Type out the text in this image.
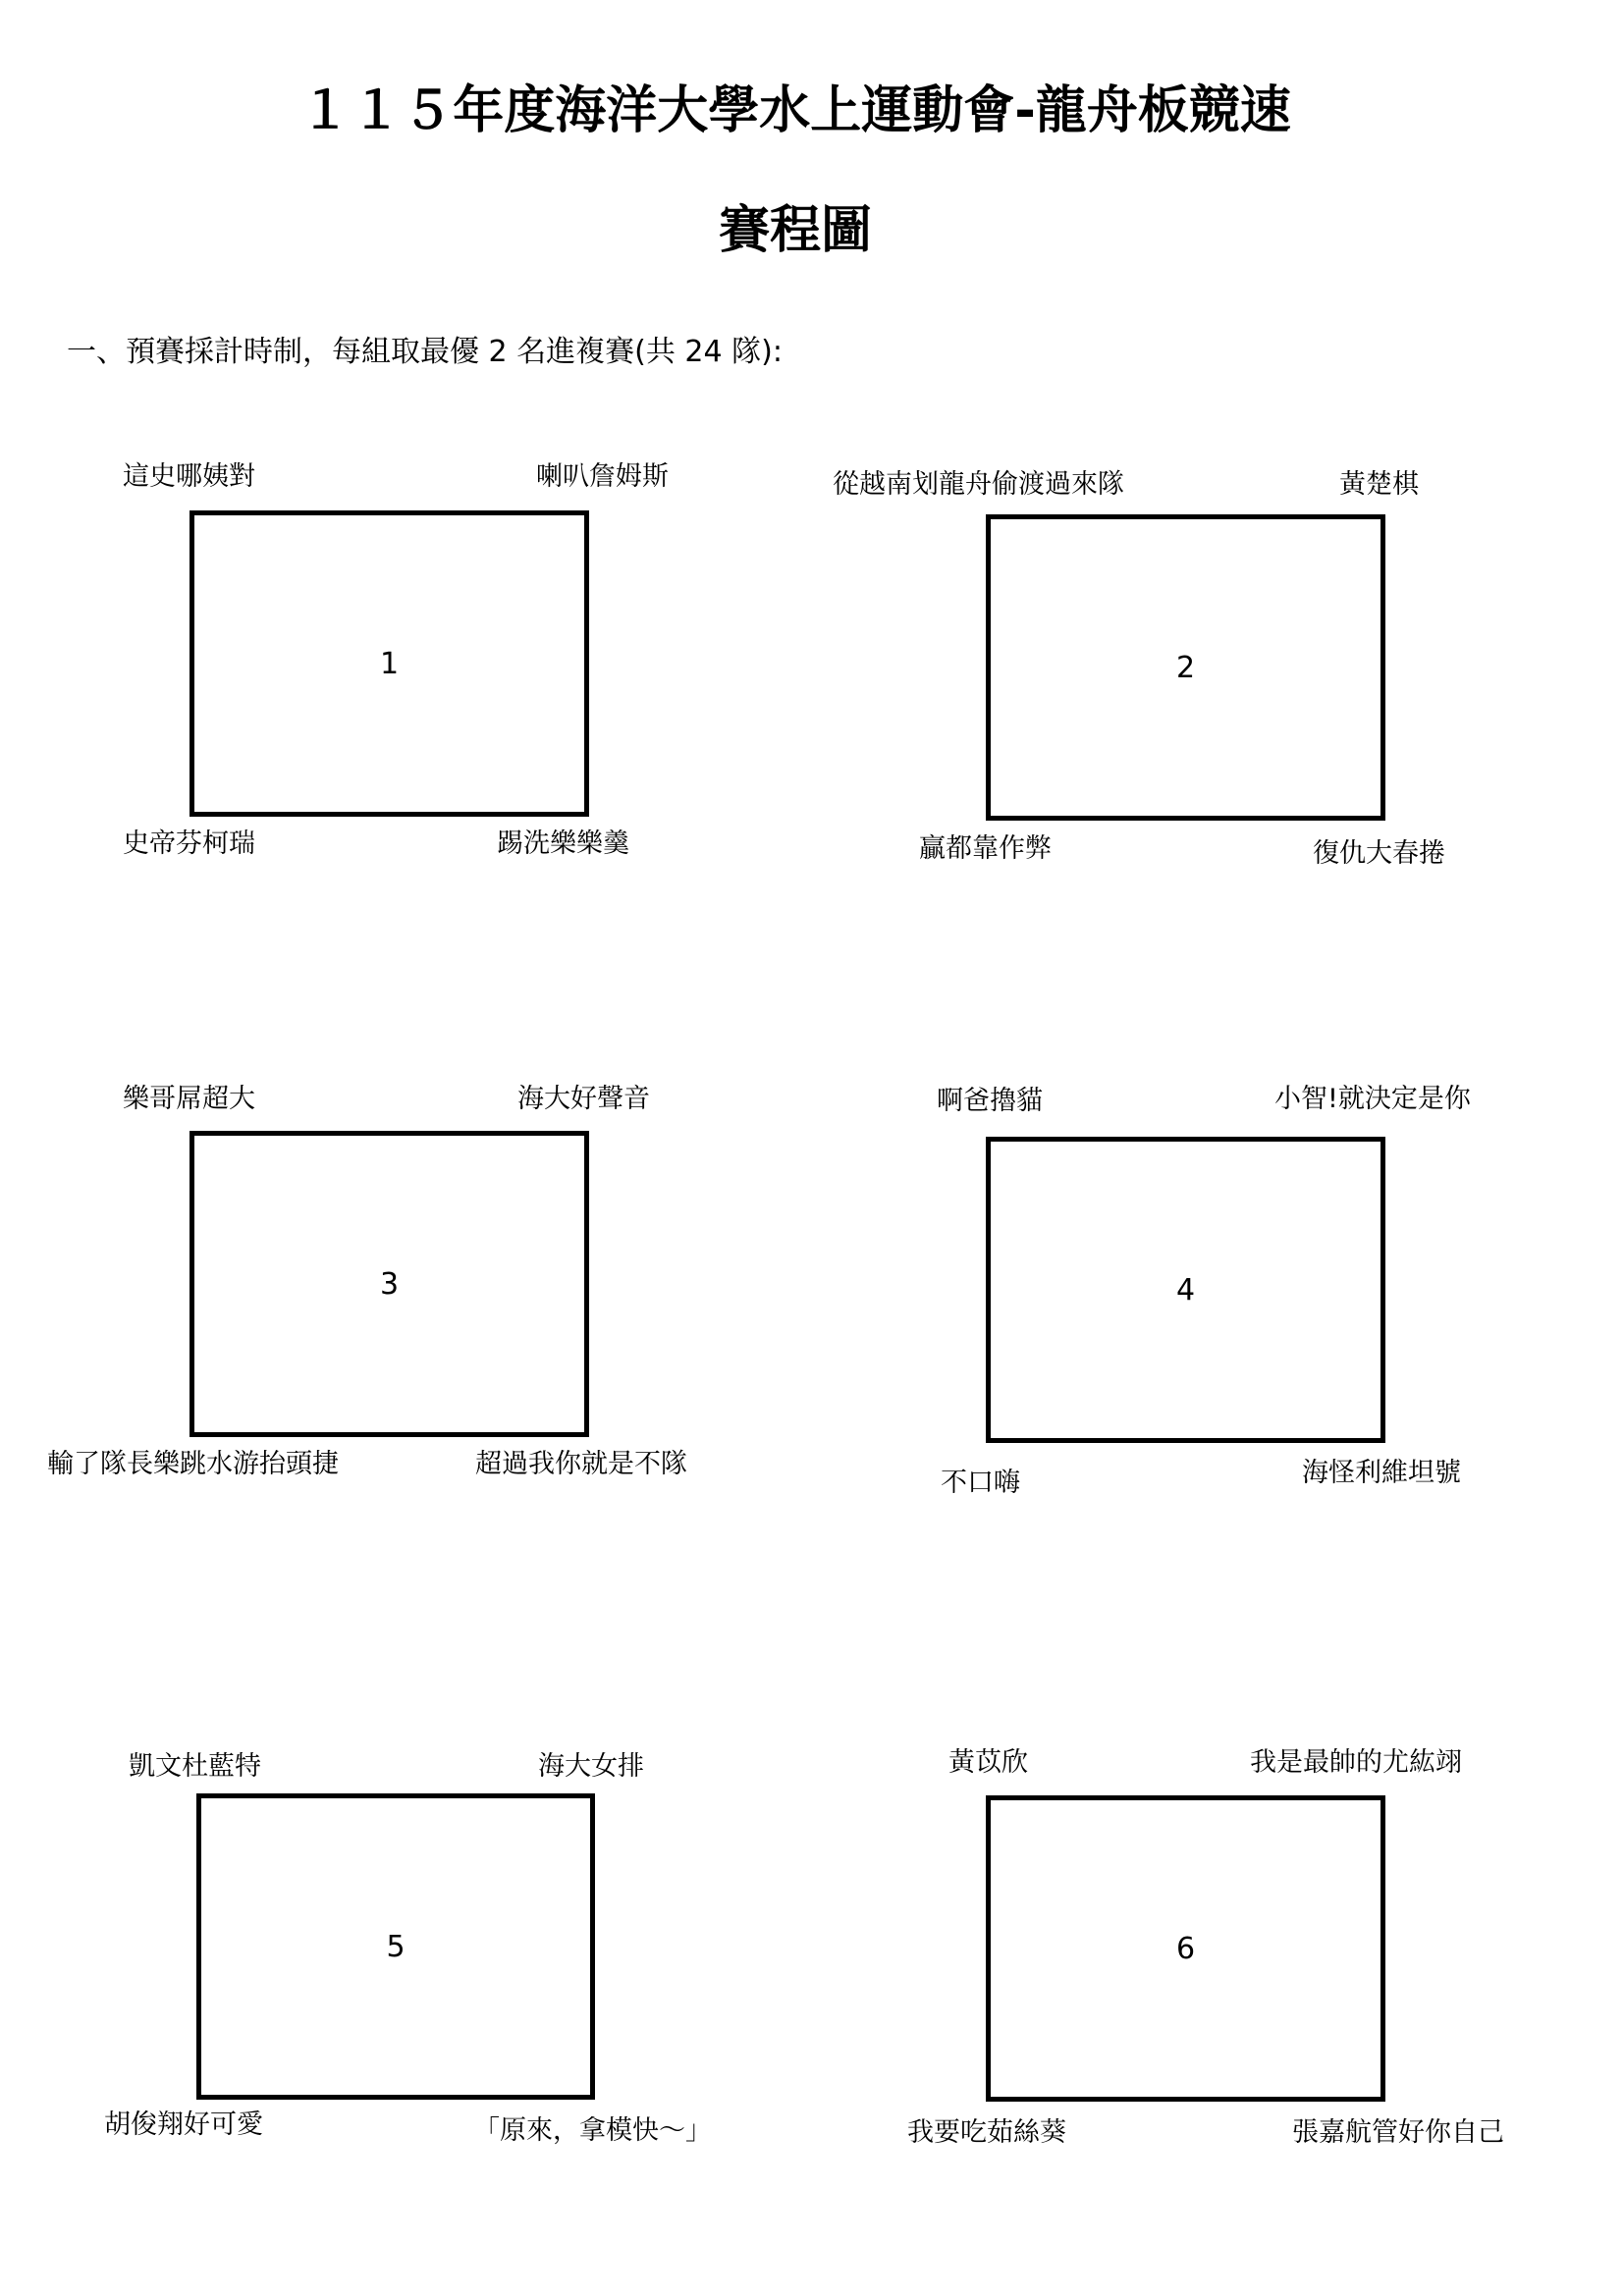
１１５年度海洋大學水上運動會-龍舟板競速
賽程圖
一、預賽採計時制，每組取最優 2 名進複賽(共 24 隊):
這史哪姨對	喇叭詹姆斯
1
史帝芬柯瑞	踢洗樂樂羹
從越南划龍舟偷渡過來隊	黃楚棋
2
贏都靠作弊	復仇大春捲
樂哥屌超大	海大好聲音
3
輸了隊長樂跳水游抬頭捷	超過我你就是不隊
啊爸擼貓	小智!就決定是你
4
不口嗨	海怪利維坦號
凱文杜藍特	海大女排
5
胡俊翔好可愛	「原來，拿模快～」
黃苡欣	我是最帥的尤紘翊
6
我要吃茹絲葵	張嘉航管好你自己
